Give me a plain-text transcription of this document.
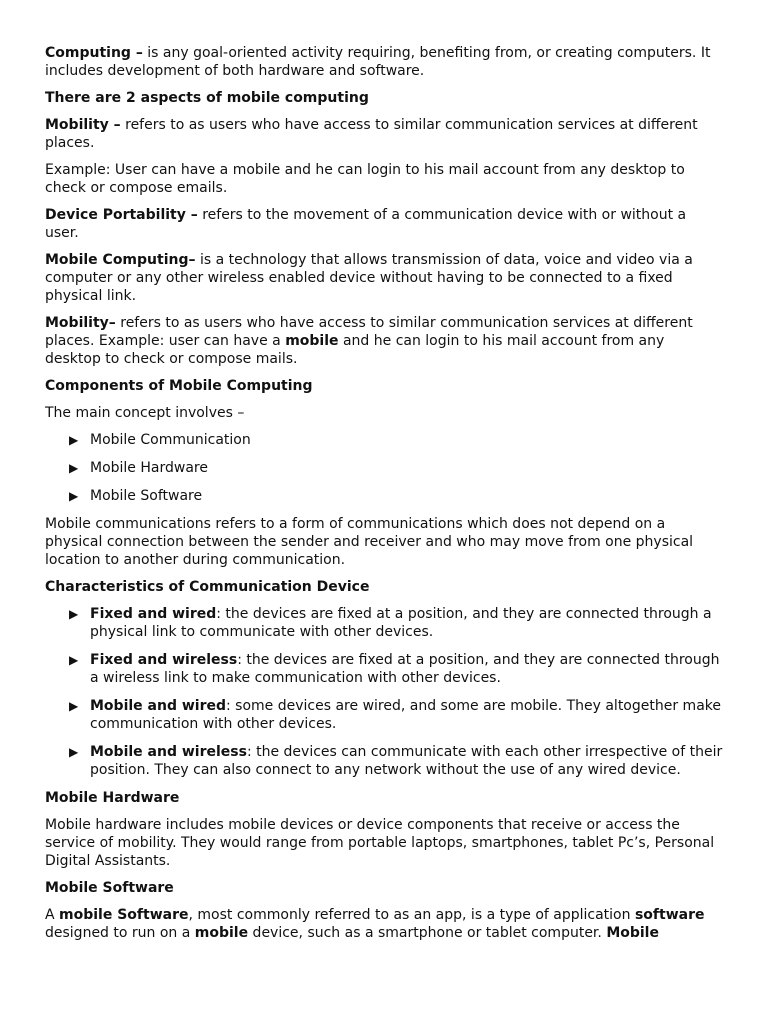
Computing – is any goal-oriented activity requiring, benefiting from, or creating computers. It includes development of both hardware and software.

There are 2 aspects of mobile computing

Mobility – refers to as users who have access to similar communication services at different places.

Example: User can have a mobile and he can login to his mail account from any desktop to check or compose emails.

Device Portability – refers to the movement of a communication device with or without a user.

Mobile Computing– is a technology that allows transmission of data, voice and video via a computer or any other wireless enabled device without having to be connected to a fixed physical link.

Mobility– refers to as users who have access to similar communication services at different places. Example: user can have a mobile and he can login to his mail account from any desktop to check or compose mails.

Components of Mobile Computing

The main concept involves –

▶ Mobile Communication
▶ Mobile Hardware
▶ Mobile Software

Mobile communications refers to a form of communications which does not depend on a physical connection between the sender and receiver and who may move from one physical location to another during communication.

Characteristics of Communication Device

▶ Fixed and wired: the devices are fixed at a position, and they are connected through a physical link to communicate with other devices.
▶ Fixed and wireless: the devices are fixed at a position, and they are connected through a wireless link to make communication with other devices.
▶ Mobile and wired: some devices are wired, and some are mobile. They altogether make communication with other devices.
▶ Mobile and wireless: the devices can communicate with each other irrespective of their position. They can also connect to any network without the use of any wired device.

Mobile Hardware

Mobile hardware includes mobile devices or device components that receive or access the service of mobility. They would range from portable laptops, smartphones, tablet Pc’s, Personal Digital Assistants.

Mobile Software

A mobile Software, most commonly referred to as an app, is a type of application software designed to run on a mobile device, such as a smartphone or tablet computer. Mobile
